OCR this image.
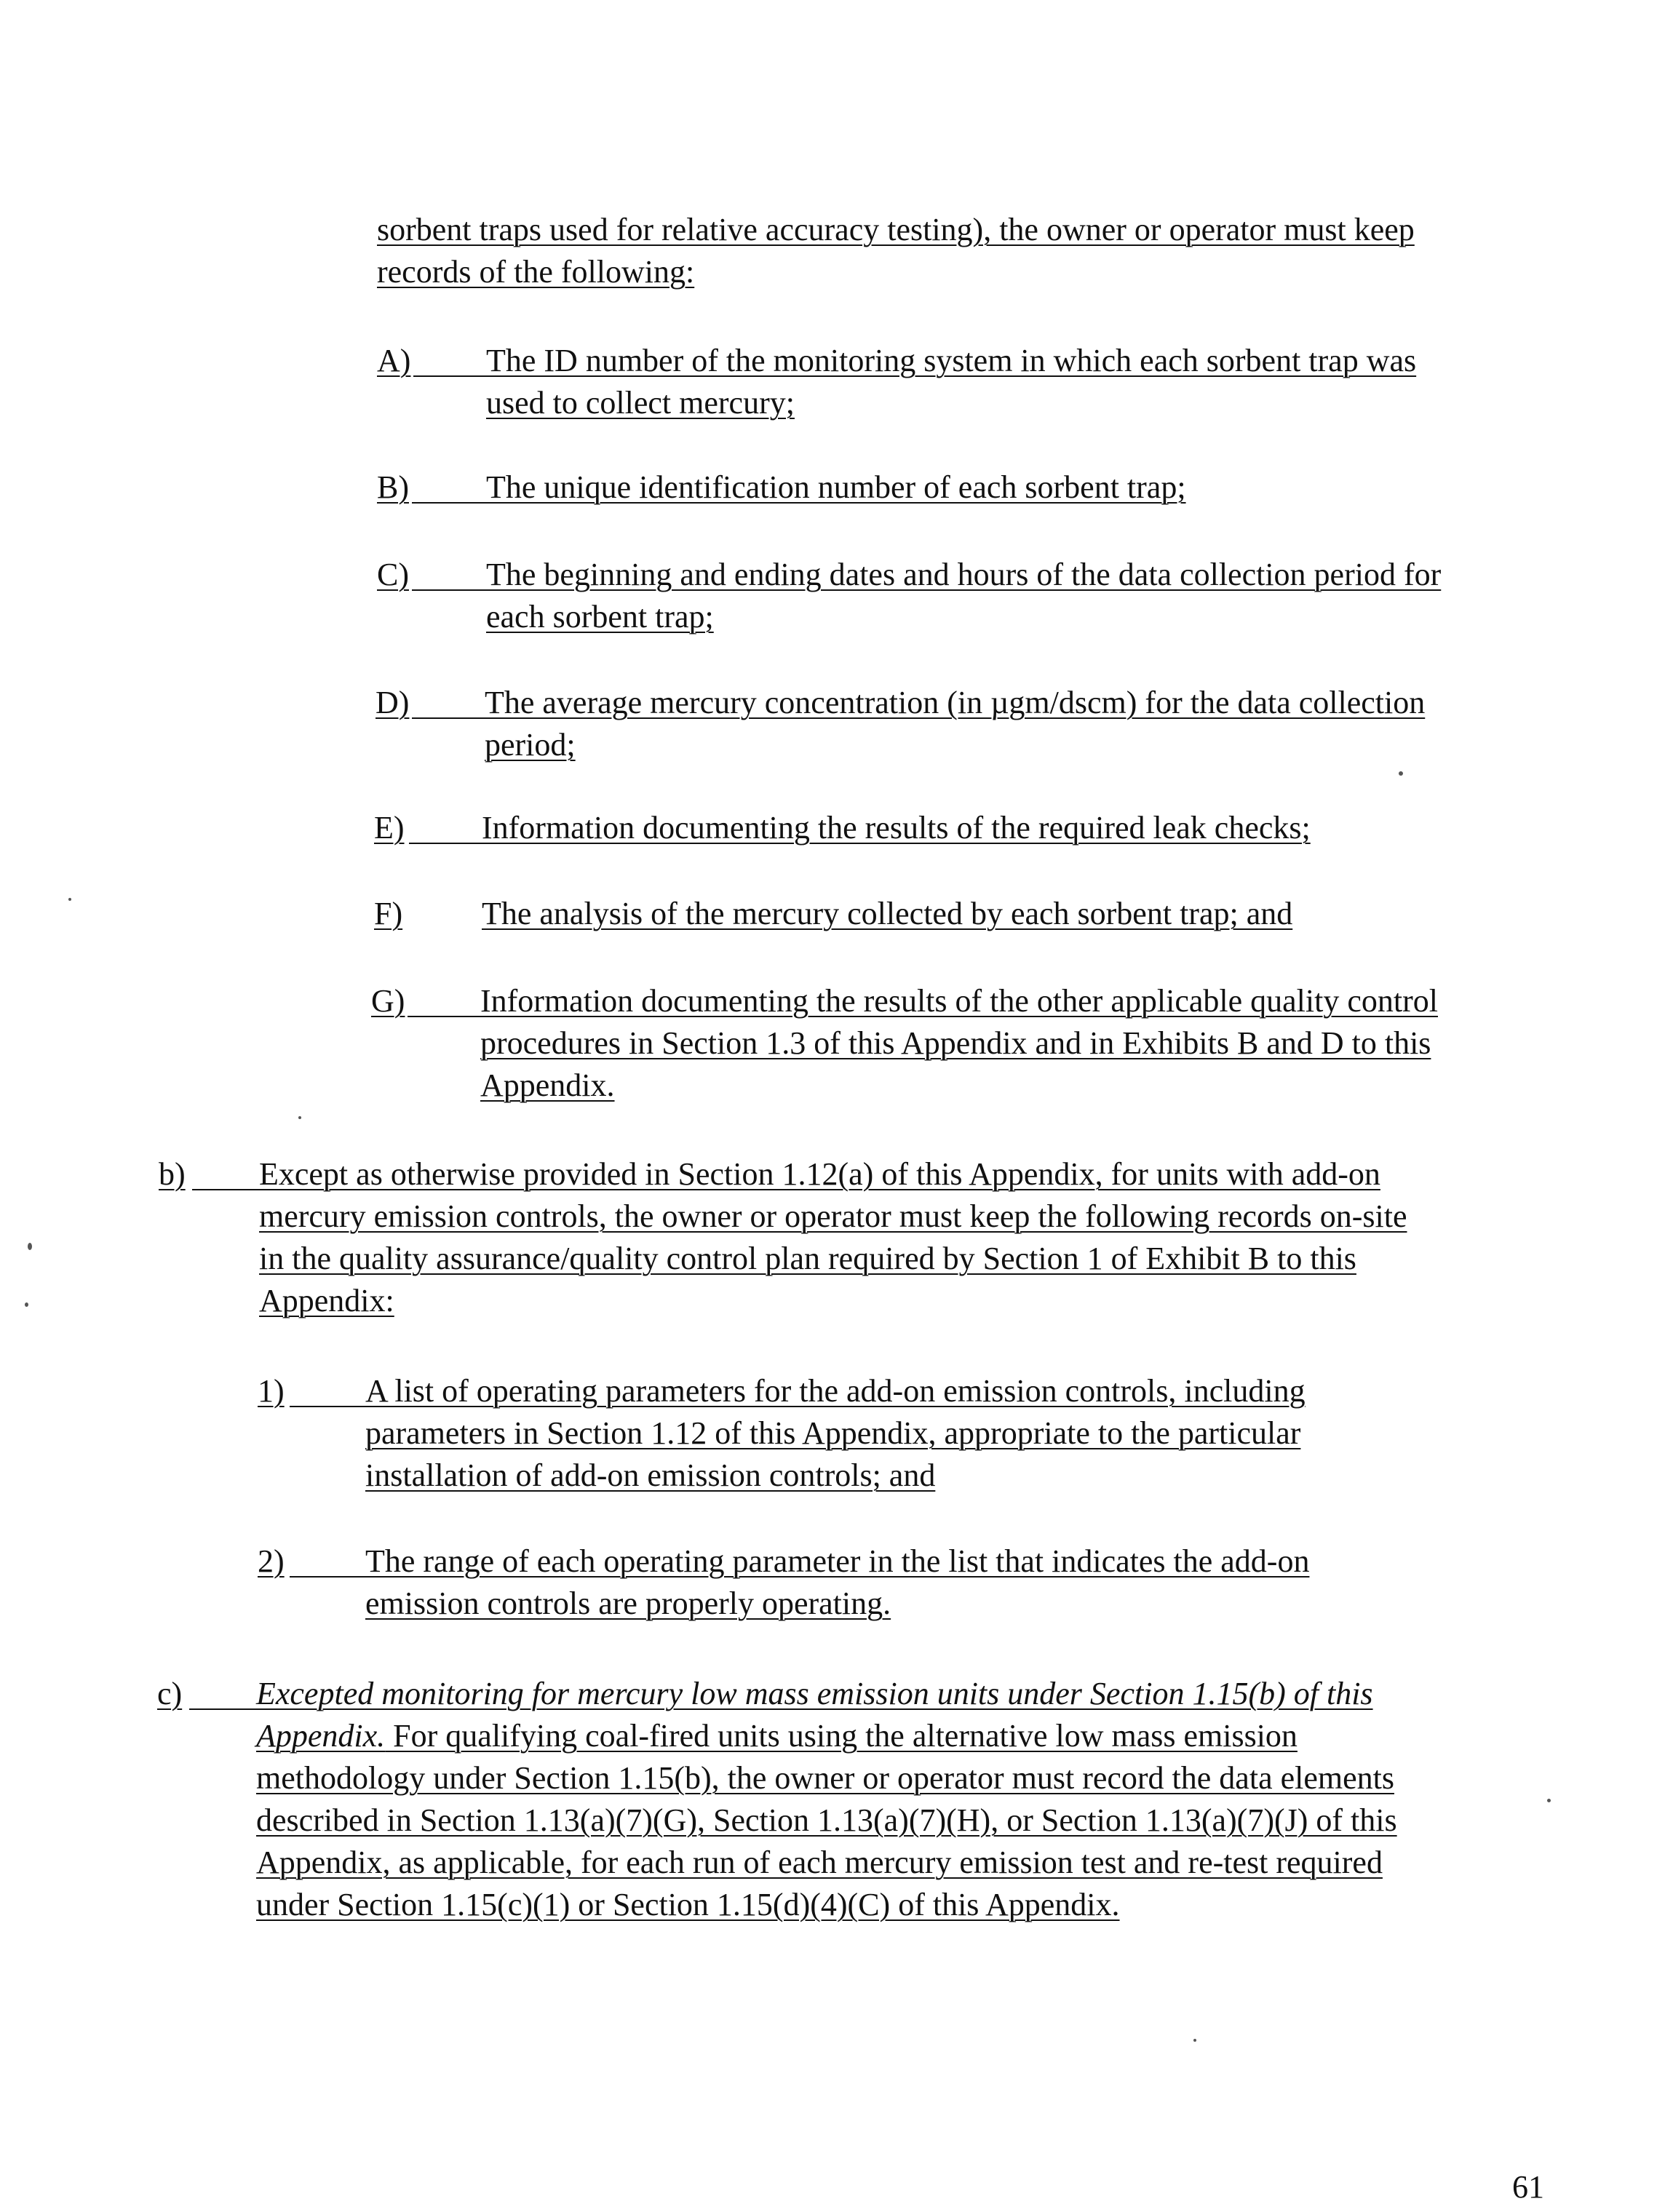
sorbent traps used for relative accuracy testing), the owner or operator must keep
records of the following:
A) The ID number of the monitoring system in which each sorbent trap was
used to collect mercury;
B) The unique identification number of each sorbent trap;
C) The beginning and ending dates and hours of the data collection period for
each sorbent trap;
D) The average mercury concentration (in µgm/dscm) for the data collection
period;
E) Information documenting the results of the required leak checks;
F) The analysis of the mercury collected by each sorbent trap; and
G) Information documenting the results of the other applicable quality control
procedures in Section 1.3 of this Appendix and in Exhibits B and D to this
Appendix.
b) Except as otherwise provided in Section 1.12(a) of this Appendix, for units with add-on
mercury emission controls, the owner or operator must keep the following records on-site
in the quality assurance/quality control plan required by Section 1 of Exhibit B to this
Appendix:
1)	A list of operating parameters for the add-on emission controls, including
parameters in Section 1.12 of this Appendix, appropriate to the particular
installation of add-on emission controls; and
2)	The range of each operating parameter in the list that indicates the add-on
emission controls are properly operating.
c) Excepted monitoring for mercury low mass emission units under Section 1.15(b) of this
Appendix. For qualifying coal-fired units using the alternative low mass emission
methodology under Section 1.15(b), the owner or operator must record the data elements
described in Section 1.13(a)(7)(G), Section 1.13(a)(7)(H), or Section 1.13(a)(7)(J) of this
Appendix, as applicable, for each run of each mercury emission test and re-test required
under Section 1.15(c)(1) or Section 1.15(d)(4)(C) of this Appendix.
61
